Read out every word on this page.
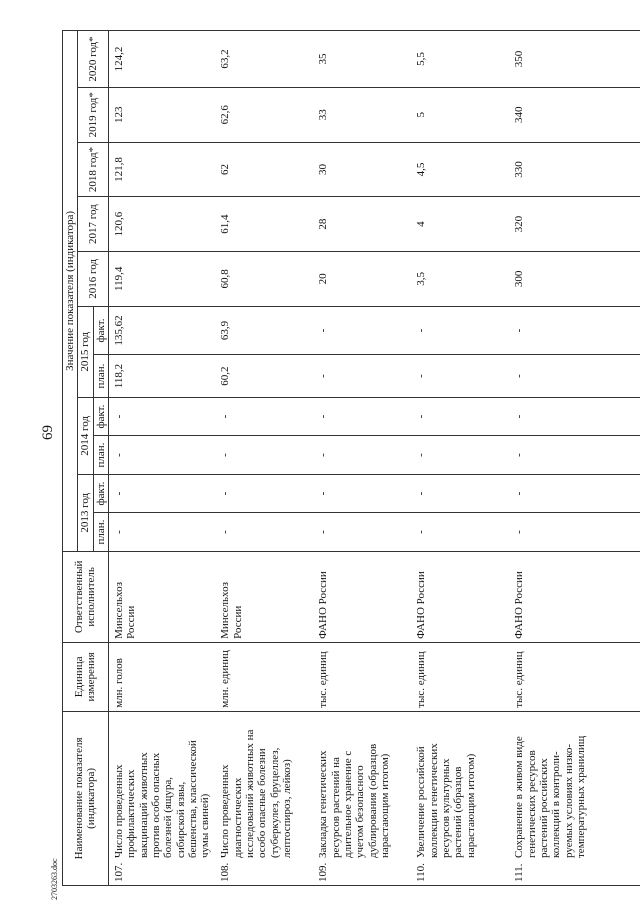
69
2703263.doc
Наименование показателя (индикатора)	Единица измерения	Ответственный исполнитель	Значение показателя (индикатора)										
			2013 год		2014 год		2015 год		2016 год	2017 год	2018 год*	2019 год*	2020 год*
			план.	факт.	план.	факт.	план.	факт.					
107.Число проведенных профилактических вакцинаций животных против особо опасных болезней (ящура, сибирской язвы, бешенства, классической чумы свиней)	млн. голов	Минсельхоз России	-	-	-	-	118,2	135,62	119,4	120,6	121,8	123	124,2
108.Число проведенных диагностических исследований животных на особо опасные болезни (туберкулез, бруцеллез, лептоспироз, лейкоз)	млн. единиц	Минсельхоз России	-	-	-	-	60,2	63,9	60,8	61,4	62	62,6	63,2
109.Закладка генетических ресурсов растений на длительное хранение с учетом безопасного дублирования (образцов нарастающим итогом)	тыс. единиц	ФАНО России	-	-	-	-	-	-	20	28	30	33	35
110.Увеличение российской коллекции генетических ресурсов культурных растений (образцов нарастающим итогом)	тыс. единиц	ФАНО России	-	-	-	-	-	-	3,5	4	4,5	5	5,5
111.Сохранение в живом виде генетических ресурсов растений российских коллекций в контроли-руемых условиях низко-температурных хранилищ	тыс. единиц	ФАНО России	-	-	-	-	-	-	300	320	330	340	350
